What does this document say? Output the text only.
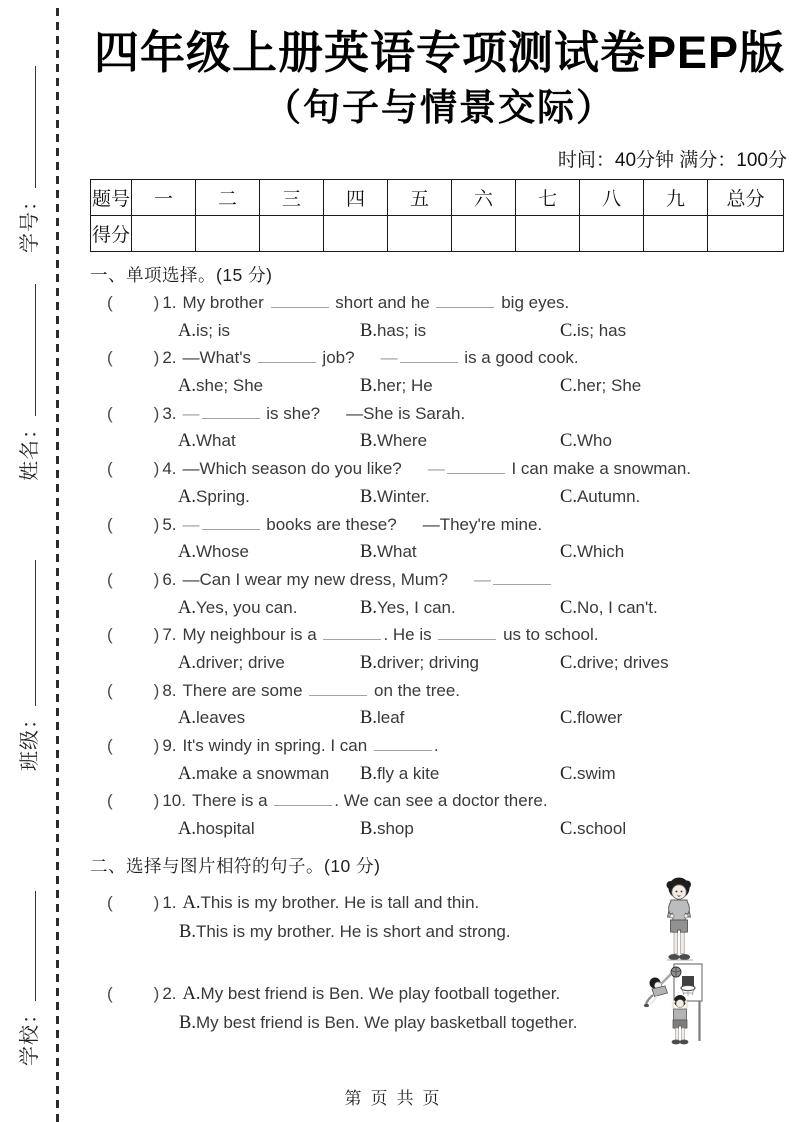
学号：
姓名：
班级：
学校：
四年级上册英语专项测试卷PEP版
（句子与情景交际）
时间：40分钟 满分：100分
题号	一	二	三	四	五	六	七	八	九	总分
得分										
一、单项选择。(15 分)
( ) 1. My brother	short and he	big eyes.
A.is; is	B.has; is	C.is; has
( ) 2. —What's	job? —	is a good cook.
A.she; She	B.her; He	C.her; She
( ) 3. —	is she? —She is Sarah.
A.What	B.Where	C.Who
( ) 4. —Which season do you like? —	I can make a snowman.
A.Spring.	B.Winter.	C.Autumn.
( ) 5. —	books are these? —They're mine.
A.Whose	B.What	C.Which
( ) 6. —Can I wear my new dress, Mum? —
A.Yes, you can.	B.Yes, I can.	C.No, I can't.
( ) 7. My neighbour is a	. He is	us to school.
A.driver; drive	B.driver; driving	C.drive; drives
( ) 8. There are some	on the tree.
A.leaves	B.leaf	C.flower
( ) 9. It's windy in spring. I can	.
A.make a snowman	B.fly a kite	C.swim
( ) 10. There is a	. We can see a doctor there.
A.hospital	B.shop	C.school
二、选择与图片相符的句子。(10 分)
( ) 1. A.This is my brother. He is tall and thin.
B.This is my brother. He is short and strong.
( ) 2. A.My best friend is Ben. We play football together.
B.My best friend is Ben. We play basketball together.
第页共页
